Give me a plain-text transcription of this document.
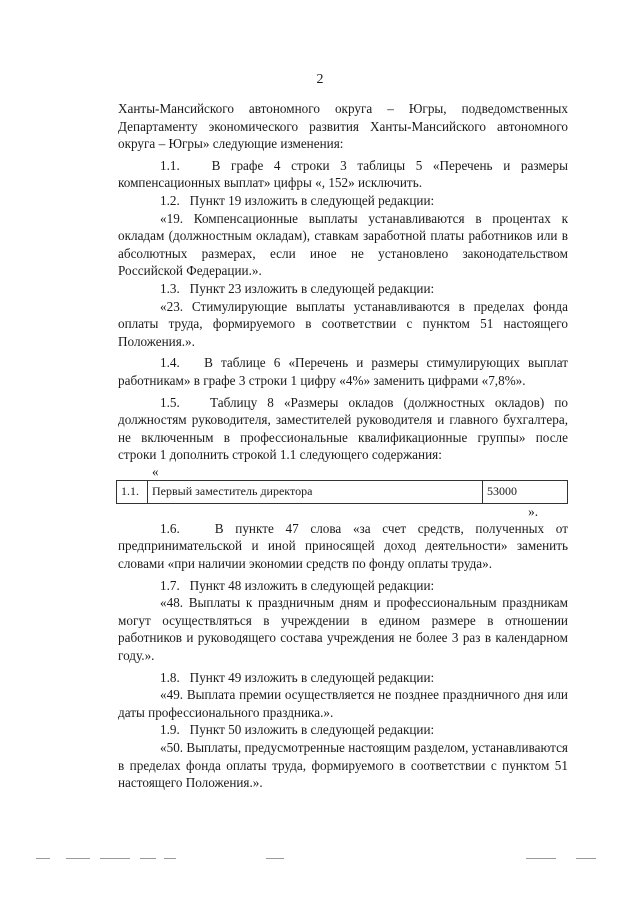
2

Ханты-Мансийского автономного округа – Югры, подведомственных Департаменту экономического развития Ханты-Мансийского автономного округа – Югры» следующие изменения:

1.1.   В графе 4 строки 3 таблицы 5 «Перечень и размеры компенсационных выплат» цифры «, 152» исключить.

1.2.   Пункт 19 изложить в следующей редакции:

«19. Компенсационные выплаты устанавливаются в процентах к окладам (должностным окладам), ставкам заработной платы работников или в абсолютных размерах, если иное не установлено законодательством Российской Федерации.».

1.3.   Пункт 23 изложить в следующей редакции:

«23. Стимулирующие выплаты устанавливаются в пределах фонда оплаты труда, формируемого в соответствии с пунктом 51 настоящего Положения.».

1.4.   В таблице 6 «Перечень и размеры стимулирующих выплат работникам» в графе 3 строки 1 цифру «4%» заменить цифрами «7,8%».

1.5.   Таблицу 8 «Размеры окладов (должностных окладов) по должностям руководителя, заместителей руководителя и главного бухгалтера, не включенным в профессиональные квалификационные группы» после строки 1 дополнить строкой 1.1 следующего содержания:

«

1.1.	Первый заместитель директора	53000

».

1.6.   В пункте 47 слова «за счет средств, полученных от предпринимательской и иной приносящей доход деятельности» заменить словами «при наличии экономии средств по фонду оплаты труда».

1.7.   Пункт 48 изложить в следующей редакции:

«48. Выплаты к праздничным дням и профессиональным праздникам могут осуществляться в учреждении в едином размере в отношении работников и руководящего состава учреждения не более 3 раз в календарном году.».

1.8.   Пункт 49 изложить в следующей редакции:

«49. Выплата премии осуществляется не позднее праздничного дня или даты профессионального праздника.».

1.9.   Пункт 50 изложить в следующей редакции:

«50. Выплаты, предусмотренные настоящим разделом, устанавливаются в пределах фонда оплаты труда, формируемого в соответствии с пунктом 51 настоящего Положения.».
